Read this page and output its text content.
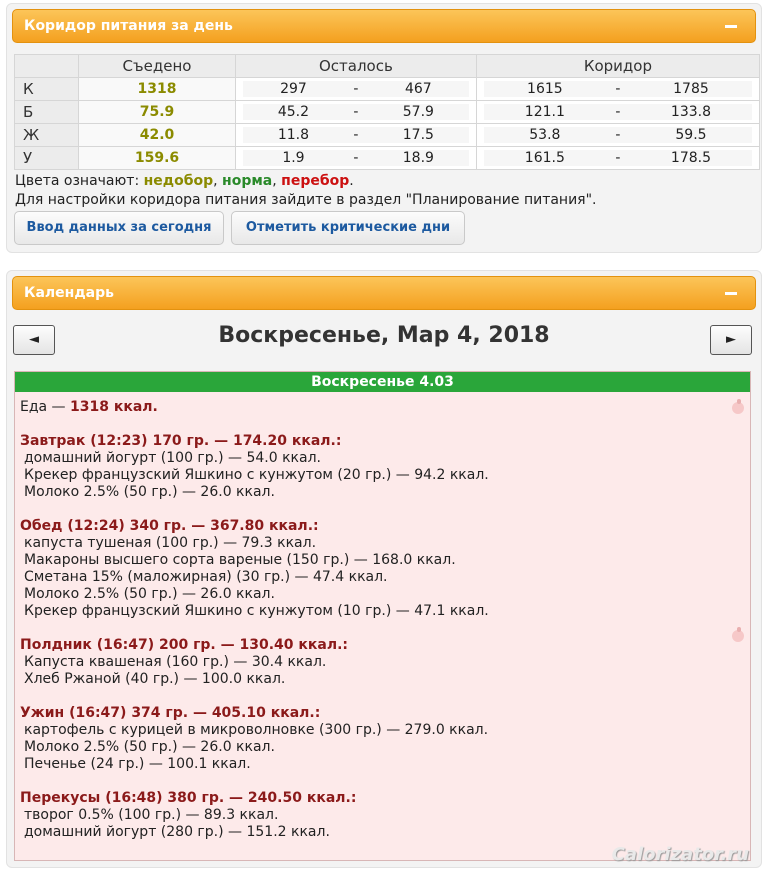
Коридор питания за день
	Съедено	Осталось	Коридор
К	1318	297 - 467	1615 - 1785

Б	75.9	45.2 - 57.9	121.1 - 133.8

Ж	42.0	11.8 - 17.5	53.8 - 59.5

У	159.6	1.9 - 18.9	161.5 - 178.5
Цвета означают: недобор, норма, перебор.
Для настройки коридора питания зайдите в раздел "Планирование питания".
Ввод данных за сегодня	Отметить критические дни
Календарь
◄	Воскресенье, Мар 4, 2018	►
Воскресенье 4.03
Еда — 1318 ккал.
Завтрак (12:23) 170 гр. — 174.20 ккал.:
домашний йогурт (100 гр.) — 54.0 ккал.
Крекер французский Яшкино с кунжутом (20 гр.) — 94.2 ккал.
Молоко 2.5% (50 гр.) — 26.0 ккал.
Обед (12:24) 340 гр. — 367.80 ккал.:
капуста тушеная (100 гр.) — 79.3 ккал.
Макароны высшего сорта вареные (150 гр.) — 168.0 ккал.
Сметана 15% (маложирная) (30 гр.) — 47.4 ккал.
Молоко 2.5% (50 гр.) — 26.0 ккал.
Крекер французский Яшкино с кунжутом (10 гр.) — 47.1 ккал.
Полдник (16:47) 200 гр. — 130.40 ккал.:
Капуста квашеная (160 гр.) — 30.4 ккал.
Хлеб Ржаной (40 гр.) — 100.0 ккал.
Ужин (16:47) 374 гр. — 405.10 ккал.:
картофель с курицей в микроволновке (300 гр.) — 279.0 ккал.
Молоко 2.5% (50 гр.) — 26.0 ккал.
Печенье (24 гр.) — 100.1 ккал.
Перекусы (16:48) 380 гр. — 240.50 ккал.:
творог 0.5% (100 гр.) — 89.3 ккал.
домашний йогурт (280 гр.) — 151.2 ккал.
Calorizator.ru
